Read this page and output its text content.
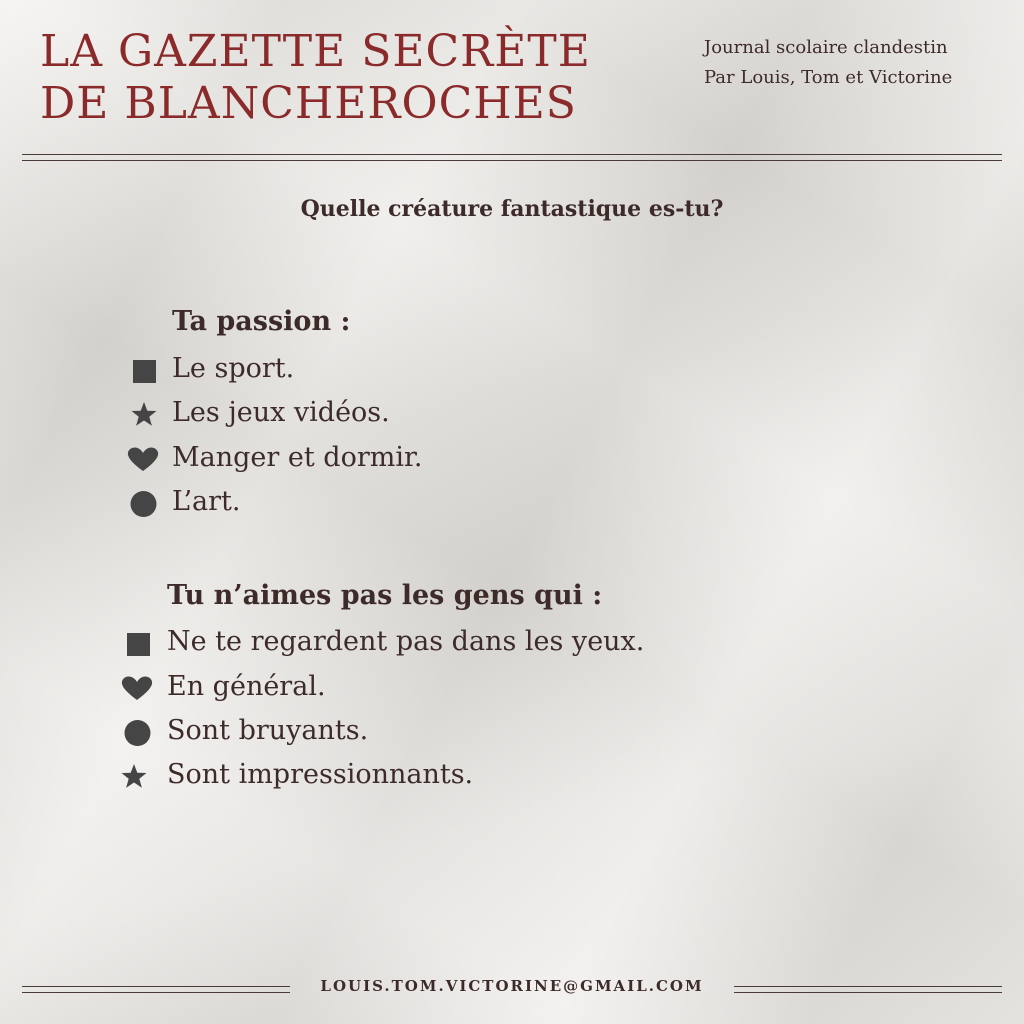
LA GAZETTE SECRÈTE
DE BLANCHEROCHES
Journal scolaire clandestin
Par Louis, Tom et Victorine
Quelle créature fantastique es-tu?
Ta passion :
Le sport.
Les jeux vidéos.
Manger et dormir.
L’art.
Tu n’aimes pas les gens qui :
Ne te regardent pas dans les yeux.
En général.
Sont bruyants.
Sont impressionnants.
LOUIS.TOM.VICTORINE@GMAIL.COM
